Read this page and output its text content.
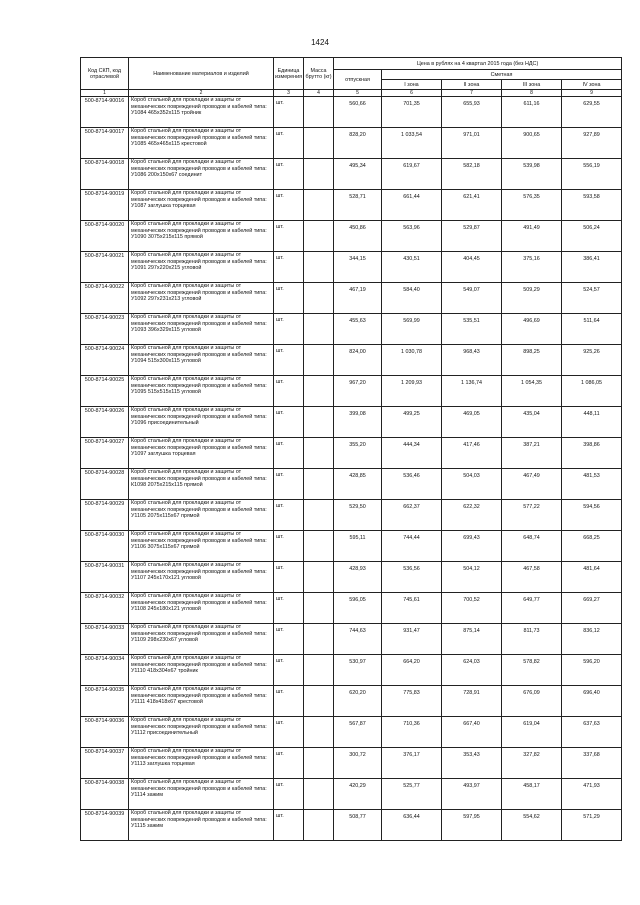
1424
Код СКП, код отраслевой	Наименование материалов и изделий	Единица измерения	Масса брутто (кг)	Цена в рублях на 4 квартал 2015 года (без НДС)				
				отпускная	Сметная			
					I зона	II зона	III зона	IV зона
1	2	3	4	5	6	7	8	9
500-8714-90016	Короб стальной для прокладки и защиты от механических повреждений проводов и кабелей типа: У1084 465х352х115 тройник	шт.		560,66	701,35	655,93	611,16	629,55
500-8714-90017	Короб стальной для прокладки и защиты от механических повреждений проводов и кабелей типа: У1085 465х465х115 крестовой	шт.		828,20	1 033,54	971,01	900,65	927,89
500-8714-90018	Короб стальной для прокладки и защиты от механических повреждений проводов и кабелей типа: У1086 200х150х67 соединит	шт.		495,34	619,67	582,18	539,98	556,19
500-8714-90019	Короб стальной для прокладки и защиты от механических повреждений проводов и кабелей типа: У1087 заглушка торцевая	шт.		528,71	661,44	621,41	576,35	593,58
500-8714-90020	Короб стальной для прокладки и защиты от механических повреждений проводов и кабелей типа: У1090 3075х215х115 прямой	шт.		450,86	563,96	529,87	491,49	506,24
500-8714-90021	Короб стальной для прокладки и защиты от механических повреждений проводов и кабелей типа: У1091 297х220х215 угловой	шт.		344,15	430,51	404,45	375,16	386,41
500-8714-90022	Короб стальной для прокладки и защиты от механических повреждений проводов и кабелей типа: У1092 297х231х213 угловой	шт.		467,19	584,40	549,07	509,29	524,57
500-8714-90023	Короб стальной для прокладки и защиты от механических повреждений проводов и кабелей типа: У1093 396х329х115 угловой	шт.		455,63	569,99	535,51	496,69	511,64
500-8714-90024	Короб стальной для прокладки и защиты от механических повреждений проводов и кабелей типа: У1094 515х300х115 угловой	шт.		824,00	1 030,78	968,43	898,25	925,26
500-8714-90025	Короб стальной для прокладки и защиты от механических повреждений проводов и кабелей типа: У1095 515х515х115 угловой	шт.		967,20	1 209,93	1 136,74	1 054,35	1 086,05
500-8714-90026	Короб стальной для прокладки и защиты от механических повреждений проводов и кабелей типа: У1096 присоединительный	шт.		399,08	499,25	469,05	435,04	448,11
500-8714-90027	Короб стальной для прокладки и защиты от механических повреждений проводов и кабелей типа: У1097 заглушка торцевая	шт.		355,20	444,34	417,46	387,21	398,86
500-8714-90028	Короб стальной для прокладки и защиты от механических повреждений проводов и кабелей типа: К1098 2075х215х115 прямой	шт.		428,85	536,46	504,03	467,49	481,53
500-8714-90029	Короб стальной для прокладки и защиты от механических повреждений проводов и кабелей типа: У1105 2075х115х67 прямой	шт.		529,50	662,37	622,32	577,22	594,56
500-8714-90030	Короб стальной для прокладки и защиты от механических повреждений проводов и кабелей типа: У1106 3075х115х67 прямой	шт.		595,11	744,44	699,43	648,74	668,25
500-8714-90031	Короб стальной для прокладки и защиты от механических повреждений проводов и кабелей типа: У1107 245х170х121 угловой	шт.		428,93	536,56	504,12	467,58	481,64
500-8714-90032	Короб стальной для прокладки и защиты от механических повреждений проводов и кабелей типа: У1108 245х180х121 угловой	шт.		596,05	745,61	700,52	649,77	669,27
500-8714-90033	Короб стальной для прокладки и защиты от механических повреждений проводов и кабелей типа: У1109 298х230х67 угловой	шт.		744,63	931,47	875,14	811,73	836,12
500-8714-90034	Короб стальной для прокладки и защиты от механических повреждений проводов и кабелей типа: У1110 418х304х67 тройник	шт.		530,97	664,20	624,03	578,82	596,20
500-8714-90035	Короб стальной для прокладки и защиты от механических повреждений проводов и кабелей типа: У1111 418х418х67 крестовой	шт.		620,20	775,83	728,91	676,09	696,40
500-8714-90036	Короб стальной для прокладки и защиты от механических повреждений проводов и кабелей типа: У1112 присоединительный	шт.		567,87	710,36	667,40	619,04	637,63
500-8714-90037	Короб стальной для прокладки и защиты от механических повреждений проводов и кабелей типа: У1113 заглушка торцевая	шт.		300,72	376,17	353,43	327,82	337,68
500-8714-90038	Короб стальной для прокладки и защиты от механических повреждений проводов и кабелей типа: У1114 зажим	шт.		420,29	525,77	493,97	458,17	471,93
500-8714-90039	Короб стальной для прокладки и защиты от механических повреждений проводов и кабелей типа: У1115 зажим	шт.		508,77	636,44	597,95	554,62	571,29
